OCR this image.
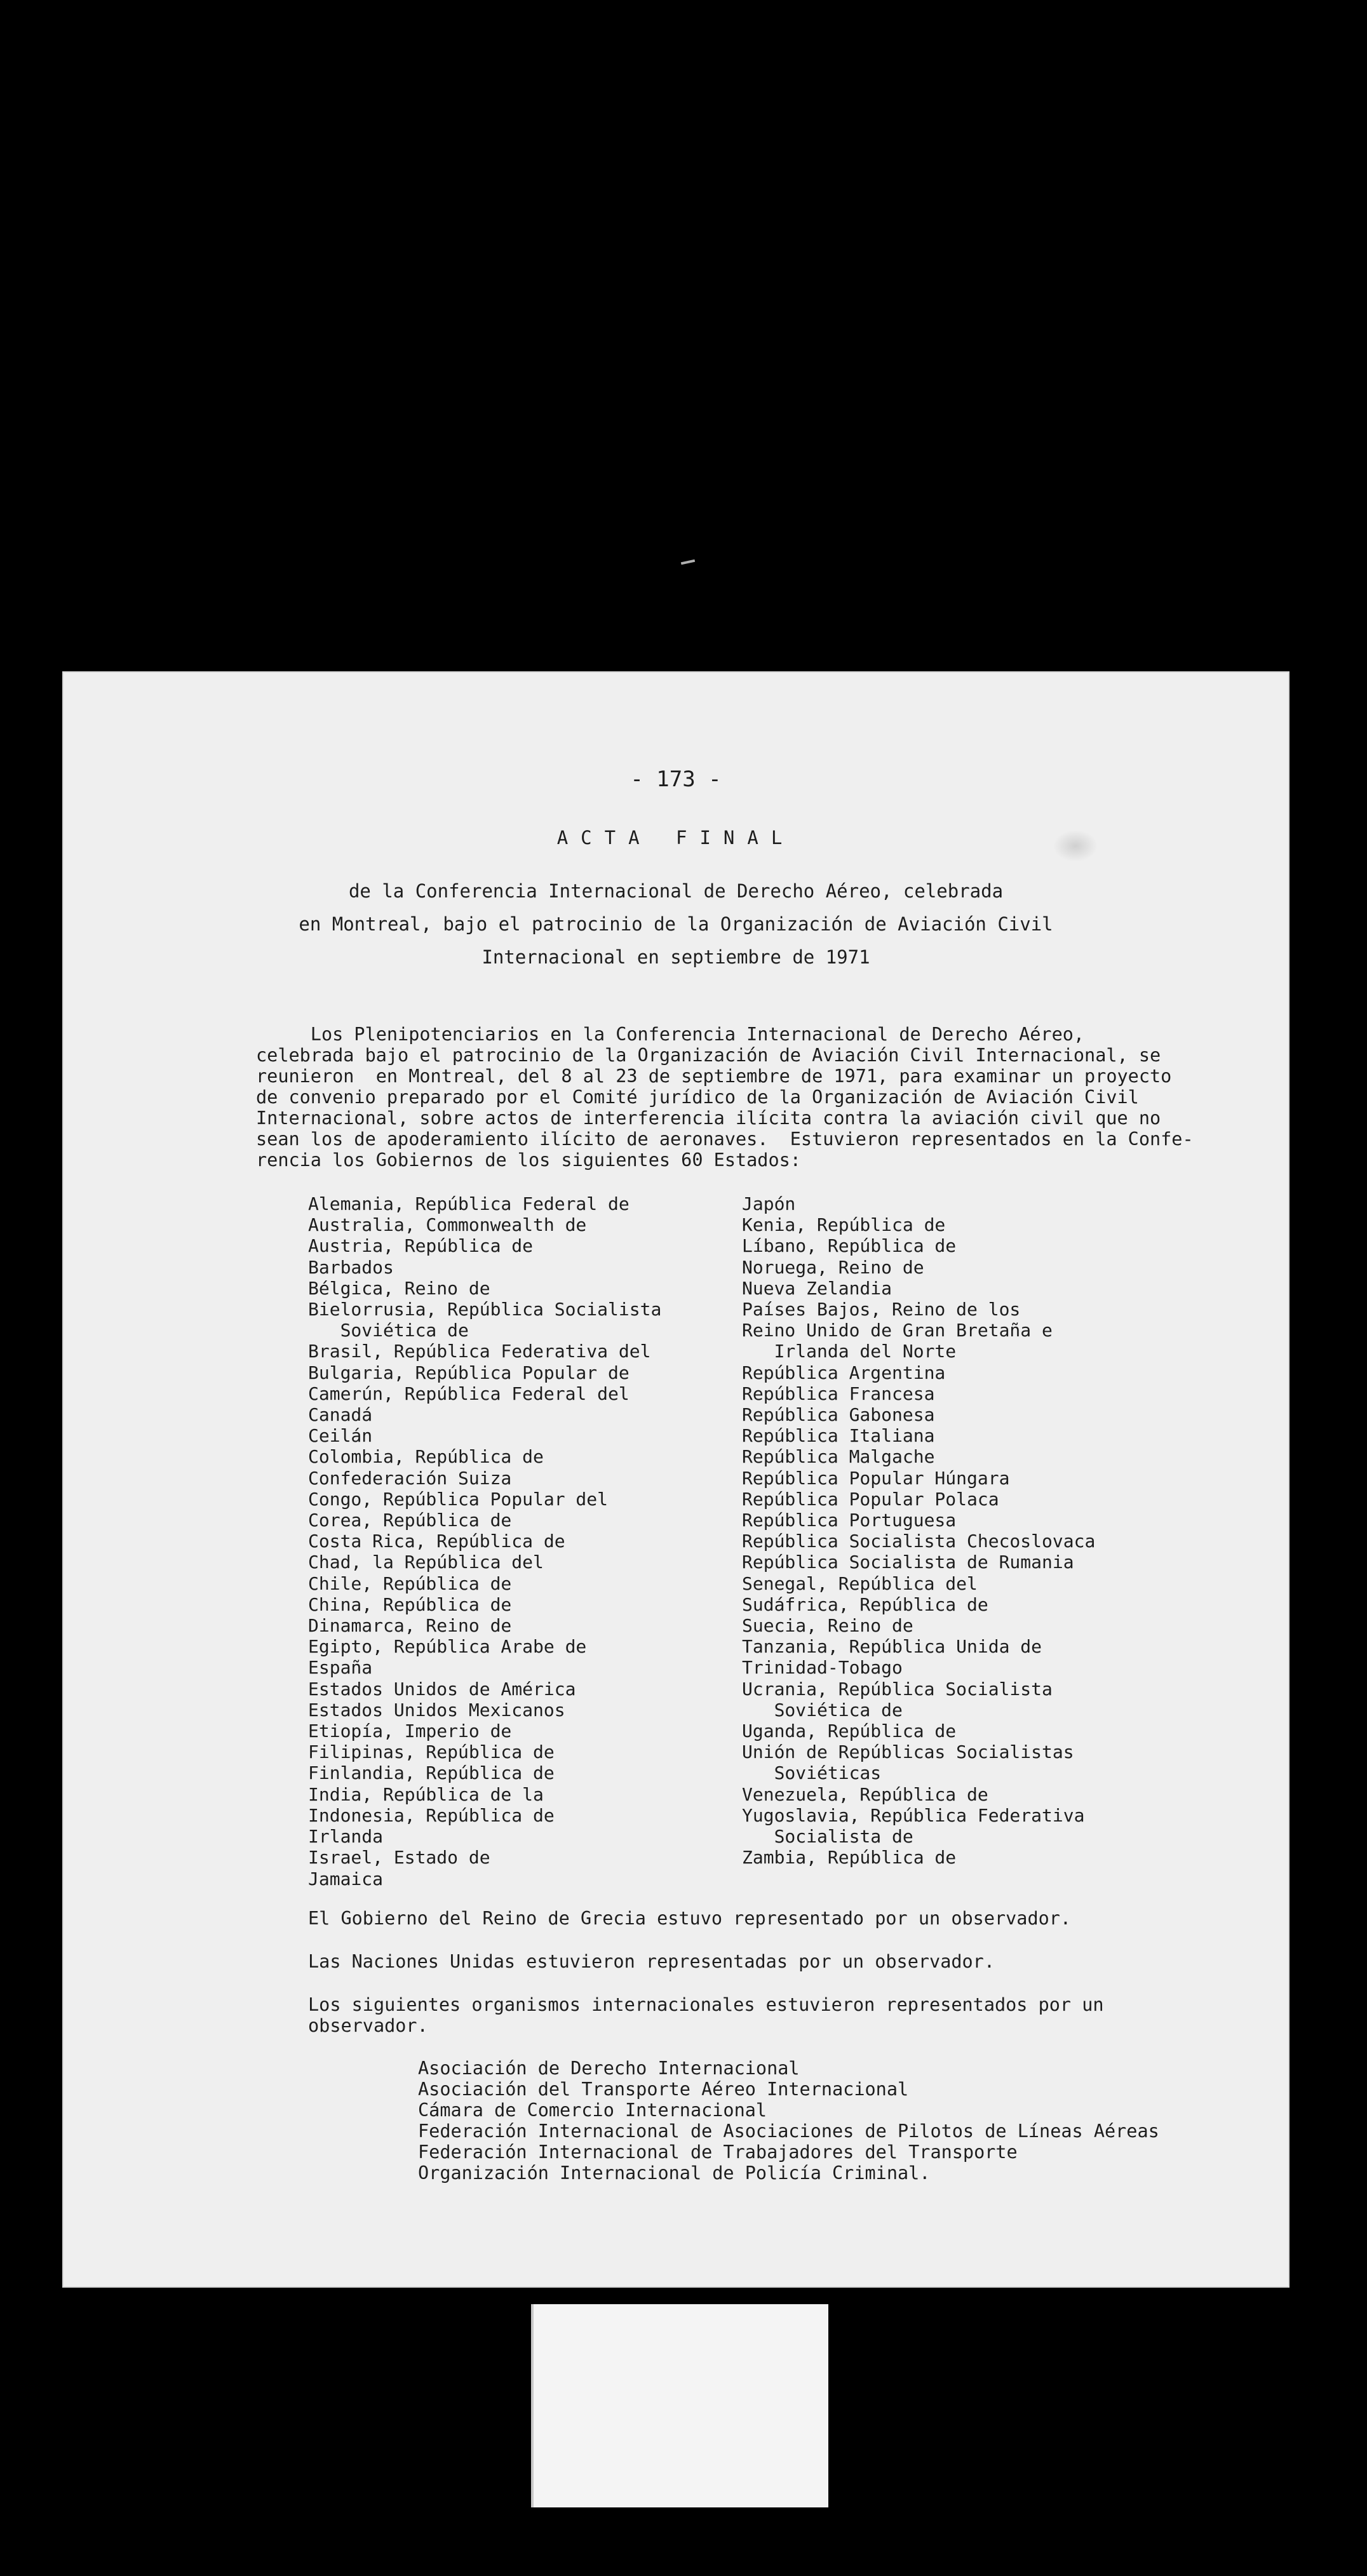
- 173 -
ACTA FINAL
de la Conferencia Internacional de Derecho Aéreo, celebrada
en Montreal, bajo el patrocinio de la Organización de Aviación Civil
Internacional en septiembre de 1971
Los Plenipotenciarios en la Conferencia Internacional de Derecho Aéreo,
celebrada bajo el patrocinio de la Organización de Aviación Civil Internacional, se
reunieron  en Montreal, del 8 al 23 de septiembre de 1971, para examinar un proyecto
de convenio preparado por el Comité jurídico de la Organización de Aviación Civil
Internacional, sobre actos de interferencia ilícita contra la aviación civil que no
sean los de apoderamiento ilícito de aeronaves.  Estuvieron representados en la Confe-
rencia los Gobiernos de los siguientes 60 Estados:
Alemania, República Federal de
Australia, Commonwealth de
Austria, República de
Barbados
Bélgica, Reino de
Bielorrusia, República Socialista
Soviética de
Brasil, República Federativa del
Bulgaria, República Popular de
Camerún, República Federal del
Canadá
Ceilán
Colombia, República de
Confederación Suiza
Congo, República Popular del
Corea, República de
Costa Rica, República de
Chad, la República del
Chile, República de
China, República de
Dinamarca, Reino de
Egipto, República Arabe de
España
Estados Unidos de América
Estados Unidos Mexicanos
Etiopía, Imperio de
Filipinas, República de
Finlandia, República de
India, República de la
Indonesia, República de
Irlanda
Israel, Estado de
Jamaica
Japón
Kenia, República de
Líbano, República de
Noruega, Reino de
Nueva Zelandia
Países Bajos, Reino de los
Reino Unido de Gran Bretaña e
Irlanda del Norte
República Argentina
República Francesa
República Gabonesa
República Italiana
República Malgache
República Popular Húngara
República Popular Polaca
República Portuguesa
República Socialista Checoslovaca
República Socialista de Rumania
Senegal, República del
Sudáfrica, República de
Suecia, Reino de
Tanzania, República Unida de
Trinidad-Tobago
Ucrania, República Socialista
Soviética de
Uganda, República de
Unión de Repúblicas Socialistas
Soviéticas
Venezuela, República de
Yugoslavia, República Federativa
Socialista de
Zambia, República de

El Gobierno del Reino de Grecia estuvo representado por un observador.

Las Naciones Unidas estuvieron representadas por un observador.

Los siguientes organismos internacionales estuvieron representados por un
observador.

Asociación de Derecho Internacional
Asociación del Transporte Aéreo Internacional
Cámara de Comercio Internacional
Federación Internacional de Asociaciones de Pilotos de Líneas Aéreas
Federación Internacional de Trabajadores del Transporte
Organización Internacional de Policía Criminal.
